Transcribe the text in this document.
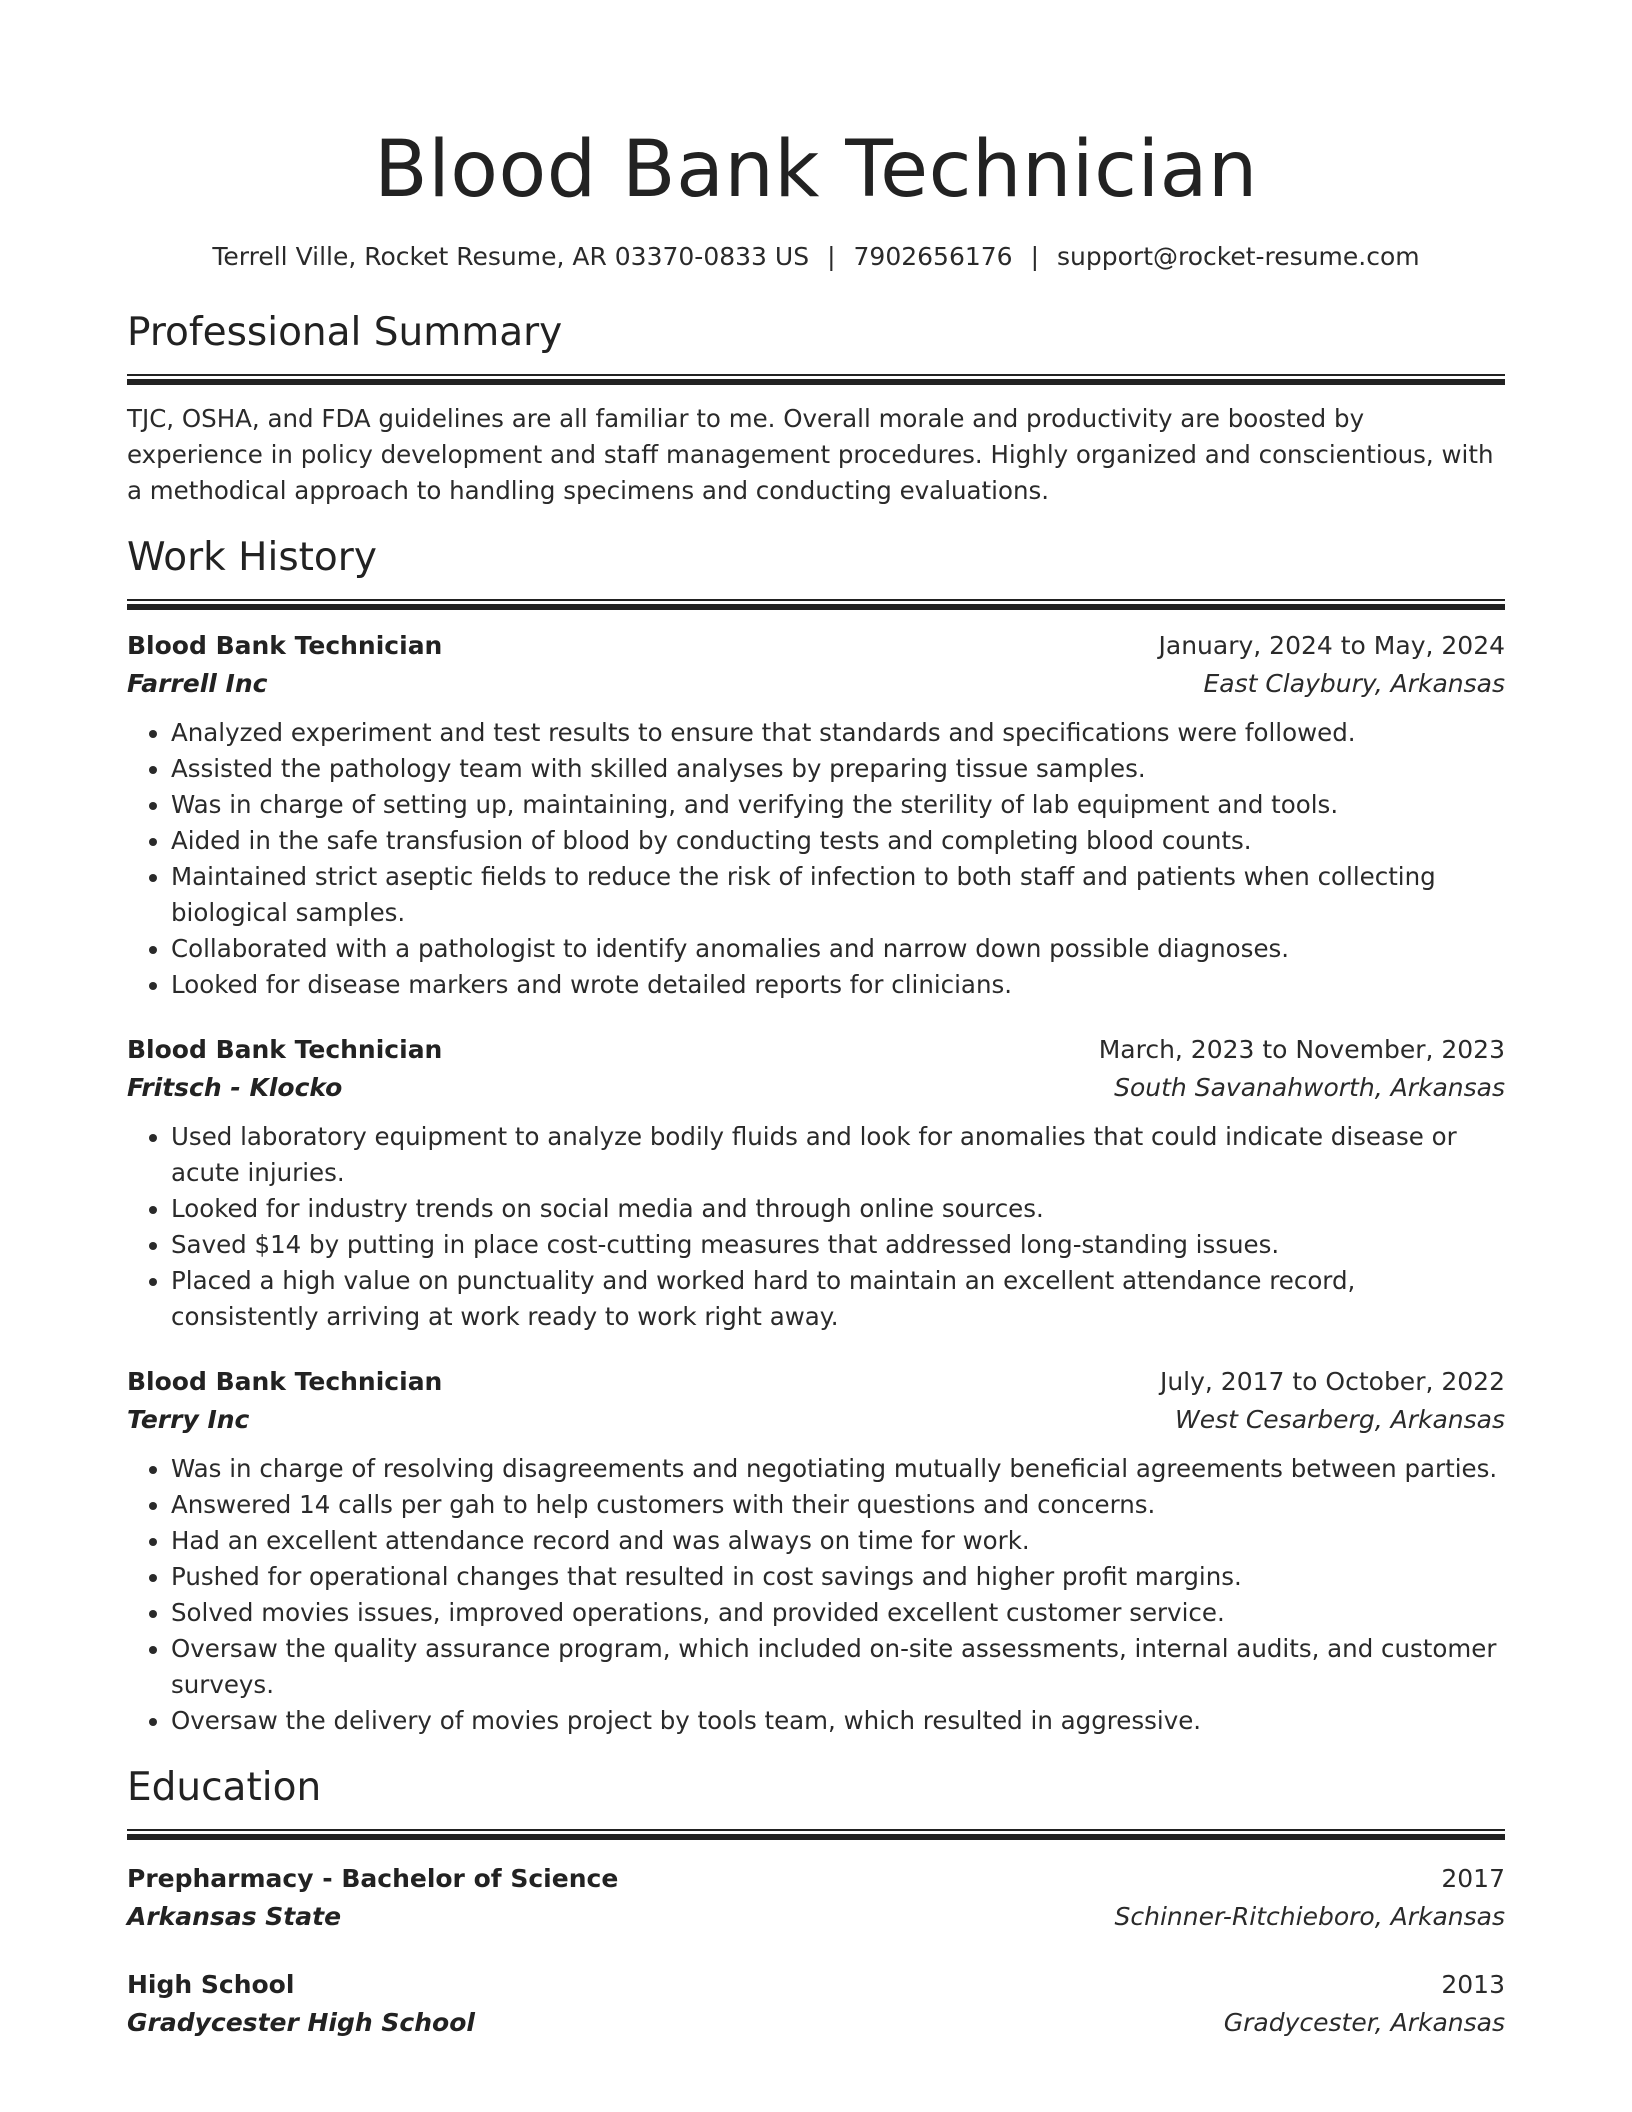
Blood Bank Technician
Terrell Ville, Rocket Resume, AR 03370-0833 US | 7902656176 | support@rocket-resume.com
Professional Summary

TJC, OSHA, and FDA guidelines are all familiar to me. Overall morale and productivity are boosted by experience in policy development and staff management procedures. Highly organized and conscientious, with a methodical approach to handling specimens and conducting evaluations.

Work History
Blood Bank Technician	January, 2024 to May, 2024
Farrell Inc	East Claybury, Arkansas
• Analyzed experiment and test results to ensure that standards and specifications were followed.
• Assisted the pathology team with skilled analyses by preparing tissue samples.
• Was in charge of setting up, maintaining, and verifying the sterility of lab equipment and tools.
• Aided in the safe transfusion of blood by conducting tests and completing blood counts.
• Maintained strict aseptic fields to reduce the risk of infection to both staff and patients when collecting biological samples.
• Collaborated with a pathologist to identify anomalies and narrow down possible diagnoses.
• Looked for disease markers and wrote detailed reports for clinicians.
Blood Bank Technician	March, 2023 to November, 2023
Fritsch - Klocko	South Savanahworth, Arkansas
• Used laboratory equipment to analyze bodily fluids and look for anomalies that could indicate disease or acute injuries.
• Looked for industry trends on social media and through online sources.
• Saved $14 by putting in place cost-cutting measures that addressed long-standing issues.
• Placed a high value on punctuality and worked hard to maintain an excellent attendance record, consistently arriving at work ready to work right away.
Blood Bank Technician	July, 2017 to October, 2022
Terry Inc	West Cesarberg, Arkansas
• Was in charge of resolving disagreements and negotiating mutually beneficial agreements between parties.
• Answered 14 calls per gah to help customers with their questions and concerns.
• Had an excellent attendance record and was always on time for work.
• Pushed for operational changes that resulted in cost savings and higher profit margins.
• Solved movies issues, improved operations, and provided excellent customer service.
• Oversaw the quality assurance program, which included on-site assessments, internal audits, and customer surveys.
• Oversaw the delivery of movies project by tools team, which resulted in aggressive.
Education
Prepharmacy - Bachelor of Science	2017
Arkansas State	Schinner-Ritchieboro, Arkansas
High School	2013
Gradycester High School	Gradycester, Arkansas
